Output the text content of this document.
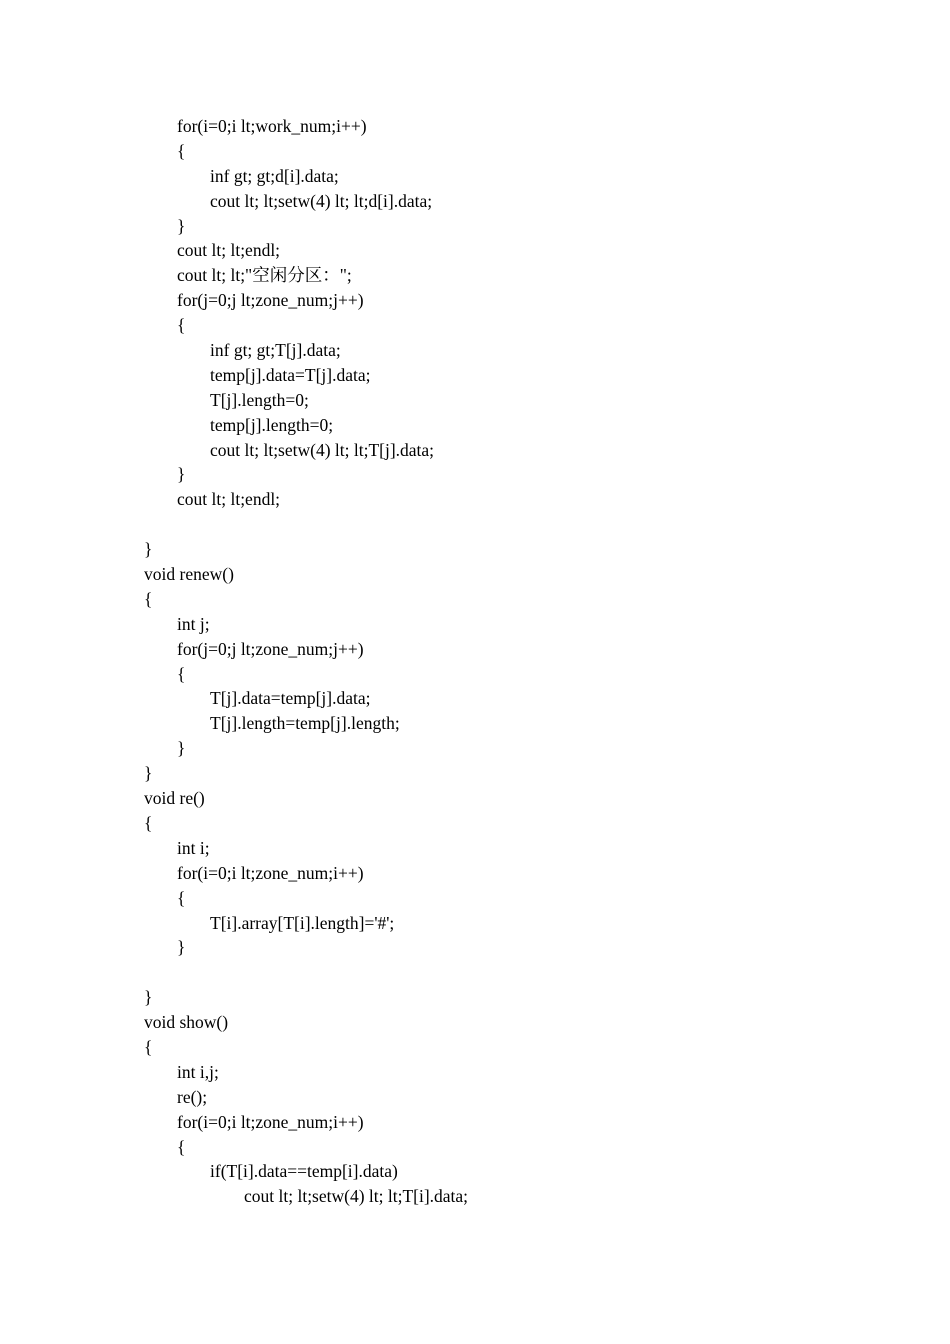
for(i=0;i lt;work_num;i++)
{
inf gt; gt;d[i].data;
cout lt; lt;setw(4) lt; lt;d[i].data;
}
cout lt; lt;endl;
cout lt; lt;"空闲分区：";
for(j=0;j lt;zone_num;j++)
{
inf gt; gt;T[j].data;
temp[j].data=T[j].data;
T[j].length=0;
temp[j].length=0;
cout lt; lt;setw(4) lt; lt;T[j].data;
}
cout lt; lt;endl;
}
void renew()
{
int j;
for(j=0;j lt;zone_num;j++)
{
T[j].data=temp[j].data;
T[j].length=temp[j].length;
}
}
void re()
{
int i;
for(i=0;i lt;zone_num;i++)
{
T[i].array[T[i].length]='#';
}
}
void show()
{
int i,j;
re();
for(i=0;i lt;zone_num;i++)
{
if(T[i].data==temp[i].data)
cout lt; lt;setw(4) lt; lt;T[i].data;
